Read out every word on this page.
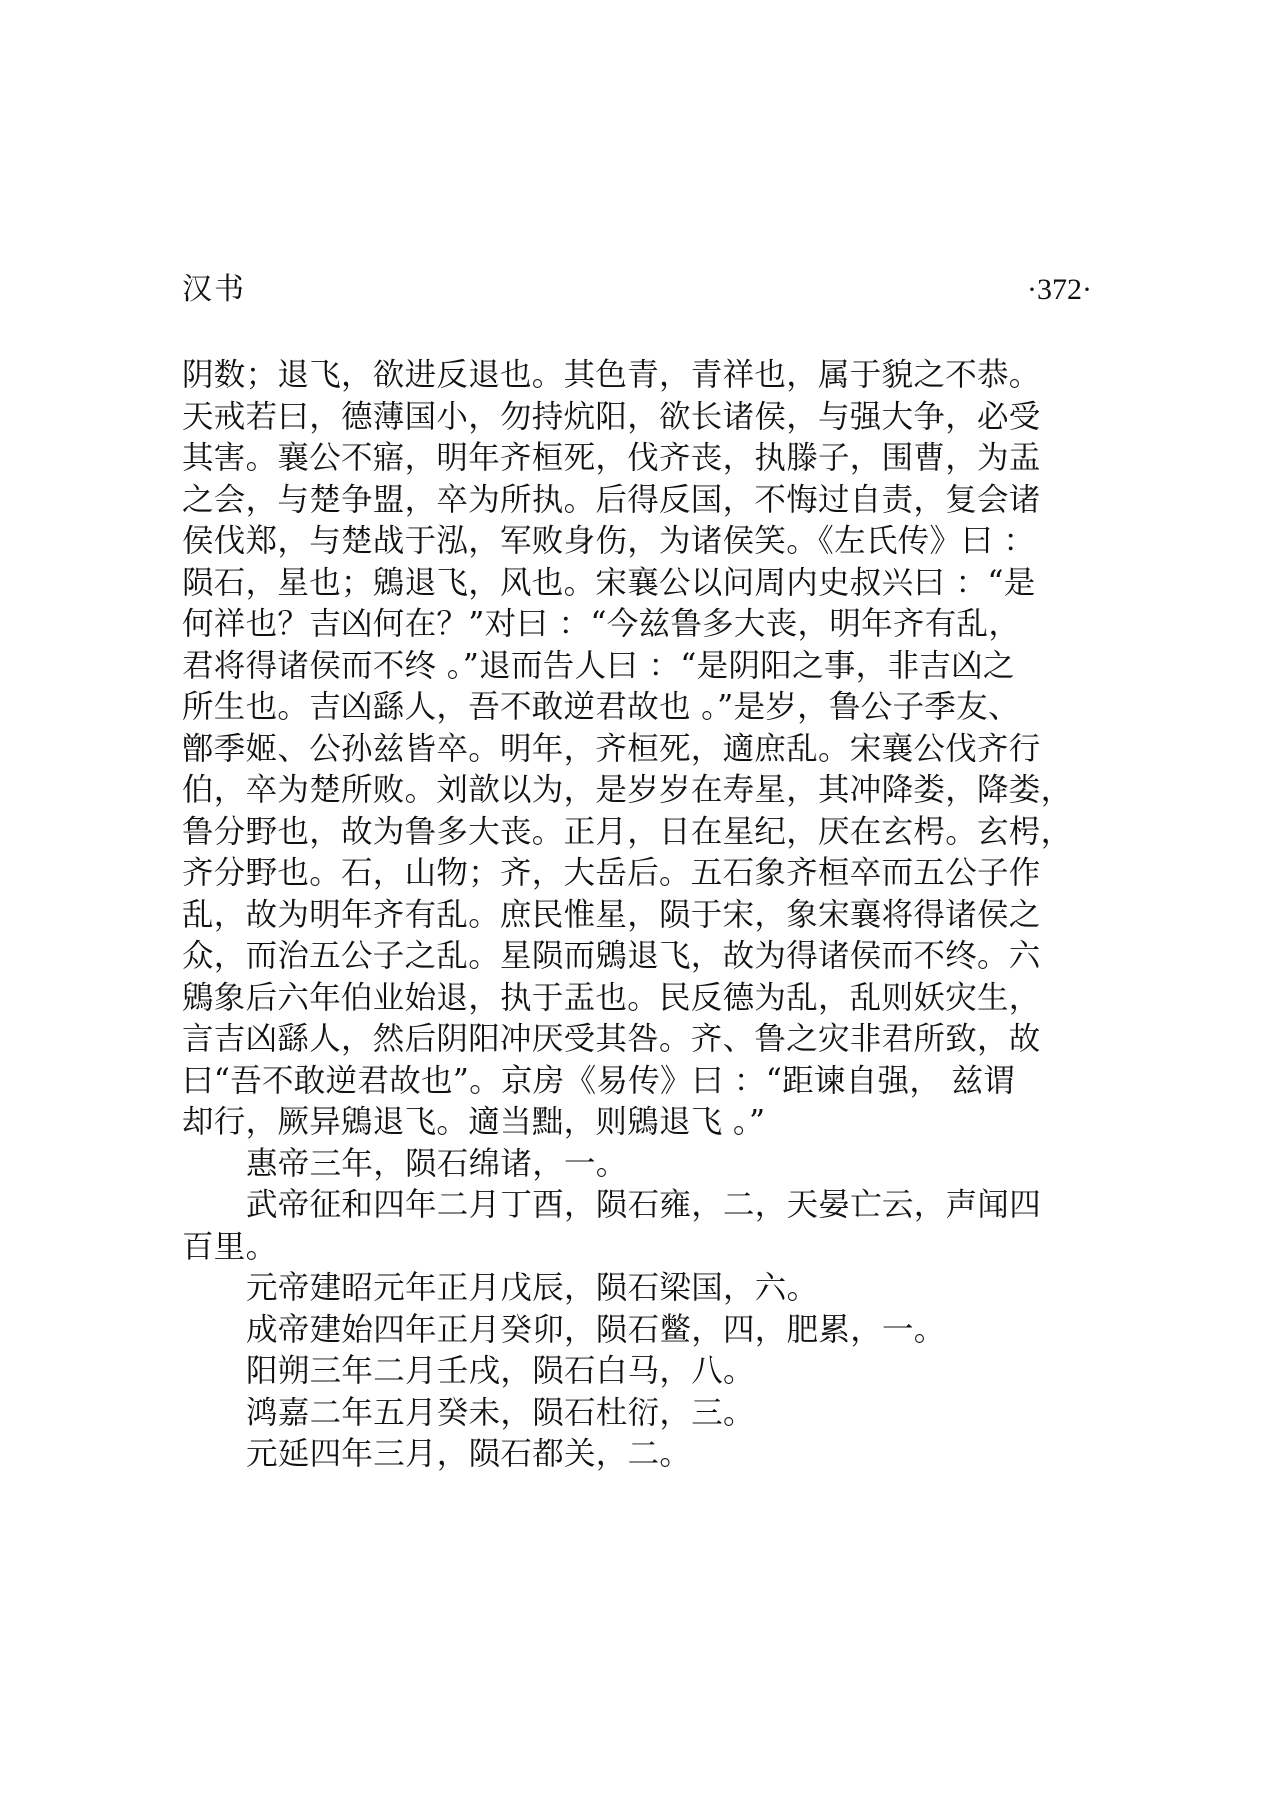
汉书	·372·
阴数；退飞，欲进反退也。其色青，青祥也，属于貌之不恭。
天戒若曰，德薄国小，勿持炕阳，欲长诸侯，与强大争，必受
其害。襄公不寤，明年齐桓死，伐齐丧，执滕子，围曹，为盂
之会，与楚争盟，卒为所执。后得反国，不悔过自责，复会诸
侯伐郑，与楚战于泓，军败身伤，为诸侯笑。《左氏传》曰 ：
陨石，星也；鶂退飞，风也。宋襄公以问周内史叔兴曰 ：“是
何祥也？吉凶何在？”对曰 ：“今兹鲁多大丧，明年齐有乱，
君将得诸侯而不终 。”退而告人曰 ：“是阴阳之事，非吉凶之
所生也。吉凶繇人，吾不敢逆君故也 。”是岁，鲁公子季友、
鄫季姬、公孙兹皆卒。明年，齐桓死，適庶乱。宋襄公伐齐行
伯，卒为楚所败。刘歆以为，是岁岁在寿星，其冲降娄，降娄，
鲁分野也，故为鲁多大丧。正月，日在星纪，厌在玄枵。玄枵，
齐分野也。石，山物；齐，大岳后。五石象齐桓卒而五公子作
乱，故为明年齐有乱。庶民惟星，陨于宋，象宋襄将得诸侯之
众，而治五公子之乱。星陨而鶂退飞，故为得诸侯而不终。六
鶂象后六年伯业始退，执于盂也。民反德为乱，乱则妖灾生，
言吉凶繇人，然后阴阳冲厌受其咎。齐、鲁之灾非君所致，故
曰“吾不敢逆君故也”。京房《易传》曰 ：“距谏自强， 兹谓
却行，厥异鶂退飞。適当黜，则鶂退飞 。”
惠帝三年，陨石绵诸，一。
武帝征和四年二月丁酉，陨石雍，二，天晏亡云，声闻四
百里。
元帝建昭元年正月戊辰，陨石梁国，六。
成帝建始四年正月癸卯，陨石鳖，四，肥累，一。
阳朔三年二月壬戌，陨石白马，八。
鸿嘉二年五月癸未，陨石杜衍，三。
元延四年三月，陨石都关，二。
